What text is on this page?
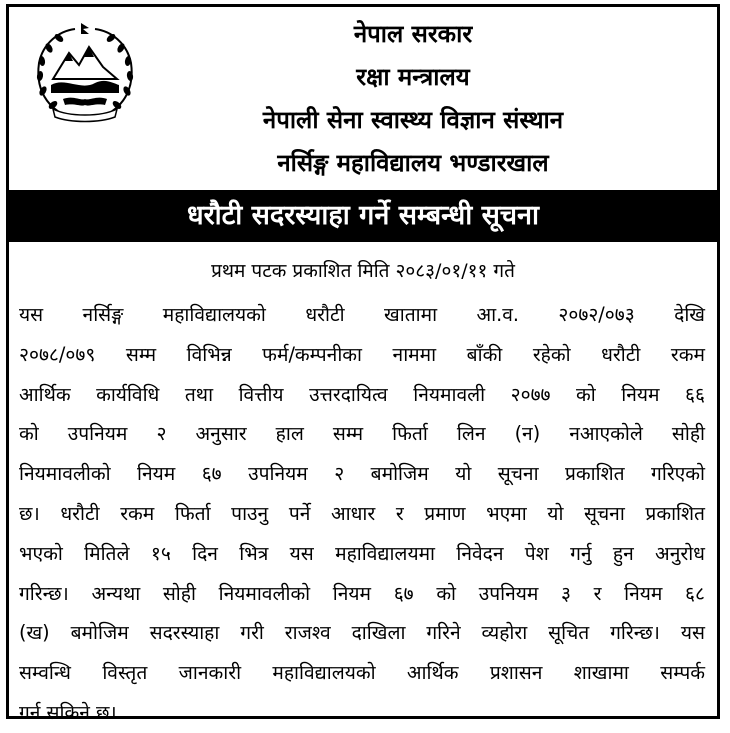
नेपाल सरकार
रक्षा मन्त्रालय
नेपाली सेना स्वास्थ्य विज्ञान संस्थान
नर्सिङ्ग महाविद्यालय भण्डारखाल
धरौटी सदरस्याहा गर्ने सम्बन्धी सूचना
प्रथम पटक प्रकाशित मिति २०८३/०१/११ गते
यस नर्सिङ्ग महाविद्यालयको धरौटी खातामा आ.व. २०७२/०७३ देखि
२०७८/०७९ सम्म विभिन्न फर्म/कम्पनीका नाममा बाँकी रहेको धरौटी रकम
आर्थिक कार्यविधि तथा वित्तीय उत्तरदायित्व नियमावली २०७७ को नियम ६६
को उपनियम २ अनुसार हाल सम्म फिर्ता लिन (न) नआएकोले सोही
नियमावलीको नियम ६७ उपनियम २ बमोजिम यो सूचना प्रकाशित गरिएको
छ। धरौटी रकम फिर्ता पाउनु पर्ने आधार र प्रमाण भएमा यो सूचना प्रकाशित
भएको मितिले १५ दिन भित्र यस महाविद्यालयमा निवेदन पेश गर्नु हुन अनुरोध
गरिन्छ। अन्यथा सोही नियमावलीको नियम ६७ को उपनियम ३ र नियम ६८
(ख) बमोजिम सदरस्याहा गरी राजश्व दाखिला गरिने व्यहोरा सूचित गरिन्छ। यस
सम्वन्धि विस्तृत जानकारी महाविद्यालयको आर्थिक प्रशासन शाखामा सम्पर्क
गर्न सकिने छ।
